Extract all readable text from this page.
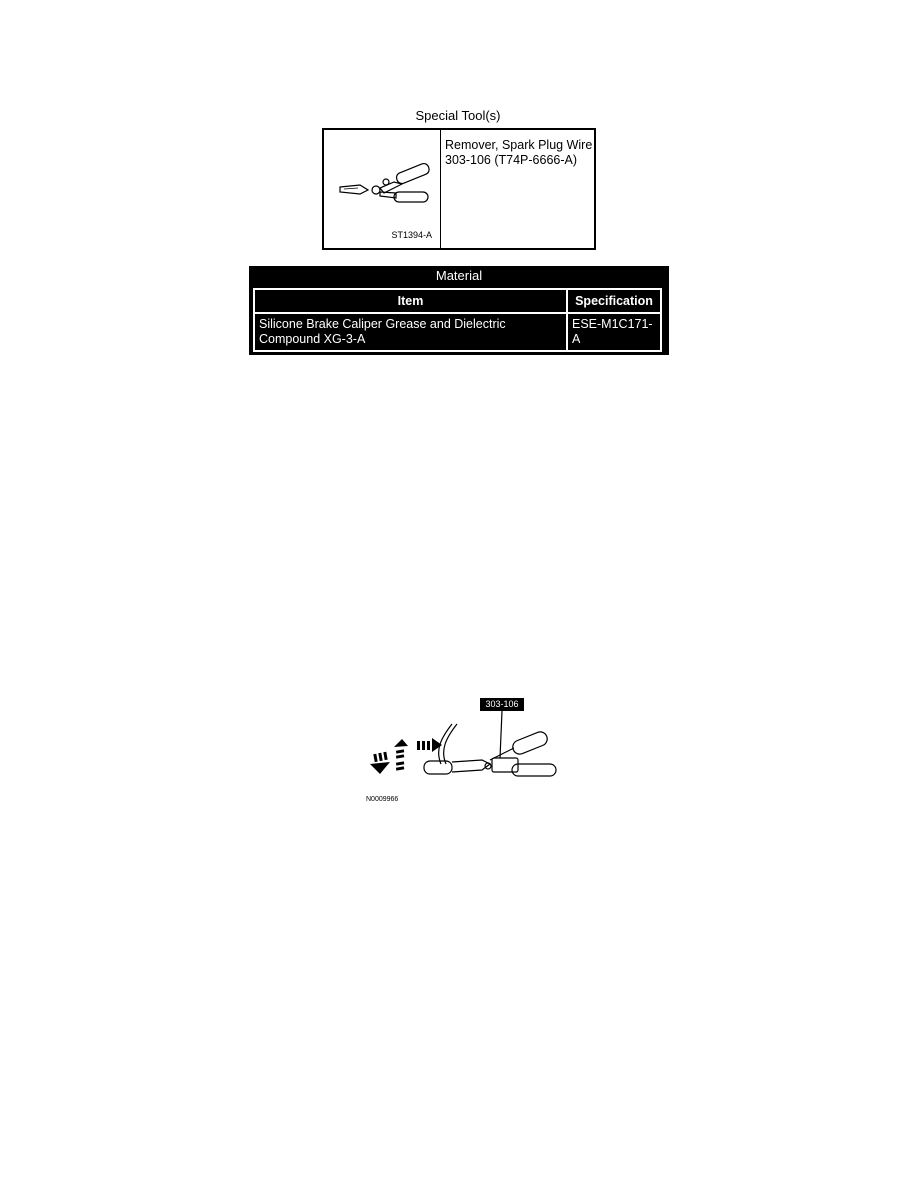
Special Tool(s)
ST1394-A
Remover, Spark Plug Wire
303-106 (T74P-6666-A)
Material
Item	Specification
Silicone Brake Caliper Grease and Dielectric Compound XG-3-A	ESE-M1C171-A
303-106
N0009966
